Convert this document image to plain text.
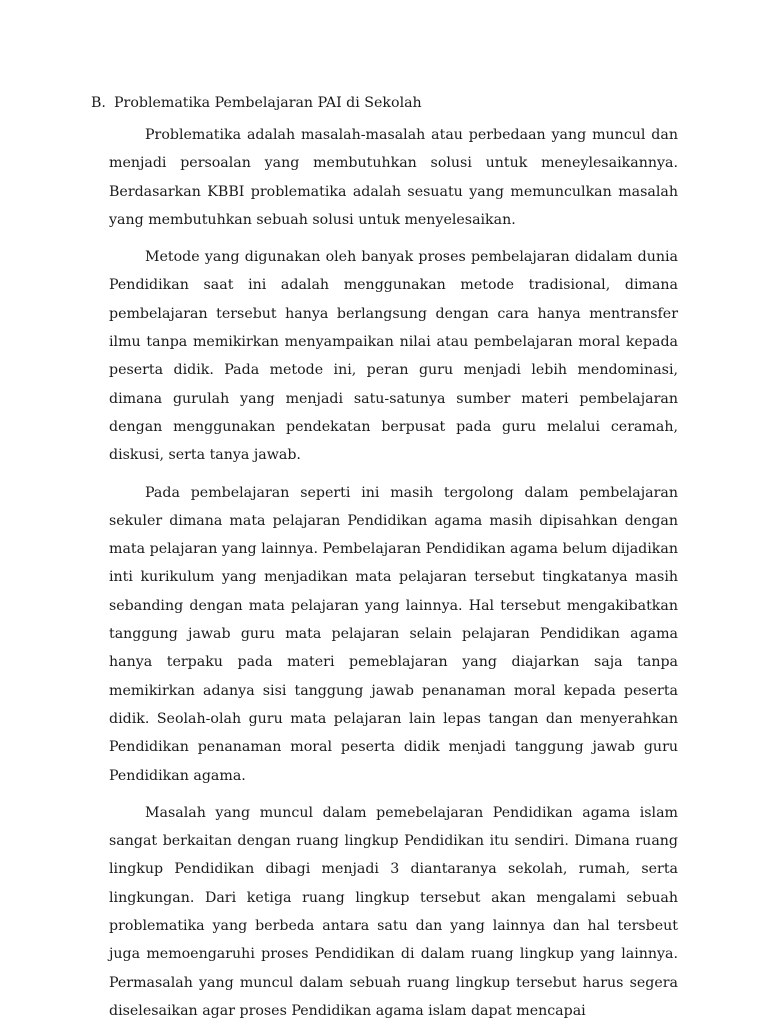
B. Problematika Pembelajaran PAI di Sekolah

Problematika adalah masalah-masalah atau perbedaan yang muncul dan menjadi persoalan yang membutuhkan solusi untuk meneylesaikannya. Berdasarkan KBBI problematika adalah sesuatu yang memunculkan masalah yang membutuhkan sebuah solusi untuk menyelesaikan.

Metode yang digunakan oleh banyak proses pembelajaran didalam dunia Pendidikan saat ini adalah menggunakan metode tradisional, dimana pembelajaran tersebut hanya berlangsung dengan cara hanya mentransfer ilmu tanpa memikirkan menyampaikan nilai atau pembelajaran moral kepada peserta didik. Pada metode ini, peran guru menjadi lebih mendominasi, dimana gurulah yang menjadi satu-satunya sumber materi pembelajaran dengan menggunakan pendekatan berpusat pada guru melalui ceramah, diskusi, serta tanya jawab.

Pada pembelajaran seperti ini masih tergolong dalam pembelajaran sekuler dimana mata pelajaran Pendidikan agama masih dipisahkan dengan mata pelajaran yang lainnya. Pembelajaran Pendidikan agama belum dijadikan inti kurikulum yang menjadikan mata pelajaran tersebut tingkatanya masih sebanding dengan mata pelajaran yang lainnya. Hal tersebut mengakibatkan tanggung jawab guru mata pelajaran selain pelajaran Pendidikan agama hanya terpaku pada materi pemeblajaran yang diajarkan saja tanpa memikirkan adanya sisi tanggung jawab penanaman moral kepada peserta didik. Seolah-olah guru mata pelajaran lain lepas tangan dan menyerahkan Pendidikan penanaman moral peserta didik menjadi tanggung jawab guru Pendidikan agama.

Masalah yang muncul dalam pemebelajaran Pendidikan agama islam sangat berkaitan dengan ruang lingkup Pendidikan itu sendiri. Dimana ruang lingkup Pendidikan dibagi menjadi 3 diantaranya sekolah, rumah, serta lingkungan. Dari ketiga ruang lingkup tersebut akan mengalami sebuah problematika yang berbeda antara satu dan yang lainnya dan hal tersbeut juga memoengaruhi proses Pendidikan di dalam ruang lingkup yang lainnya. Permasalah yang muncul dalam sebuah ruang lingkup tersebut harus segera diselesaikan agar proses Pendidikan agama islam dapat mencapai
